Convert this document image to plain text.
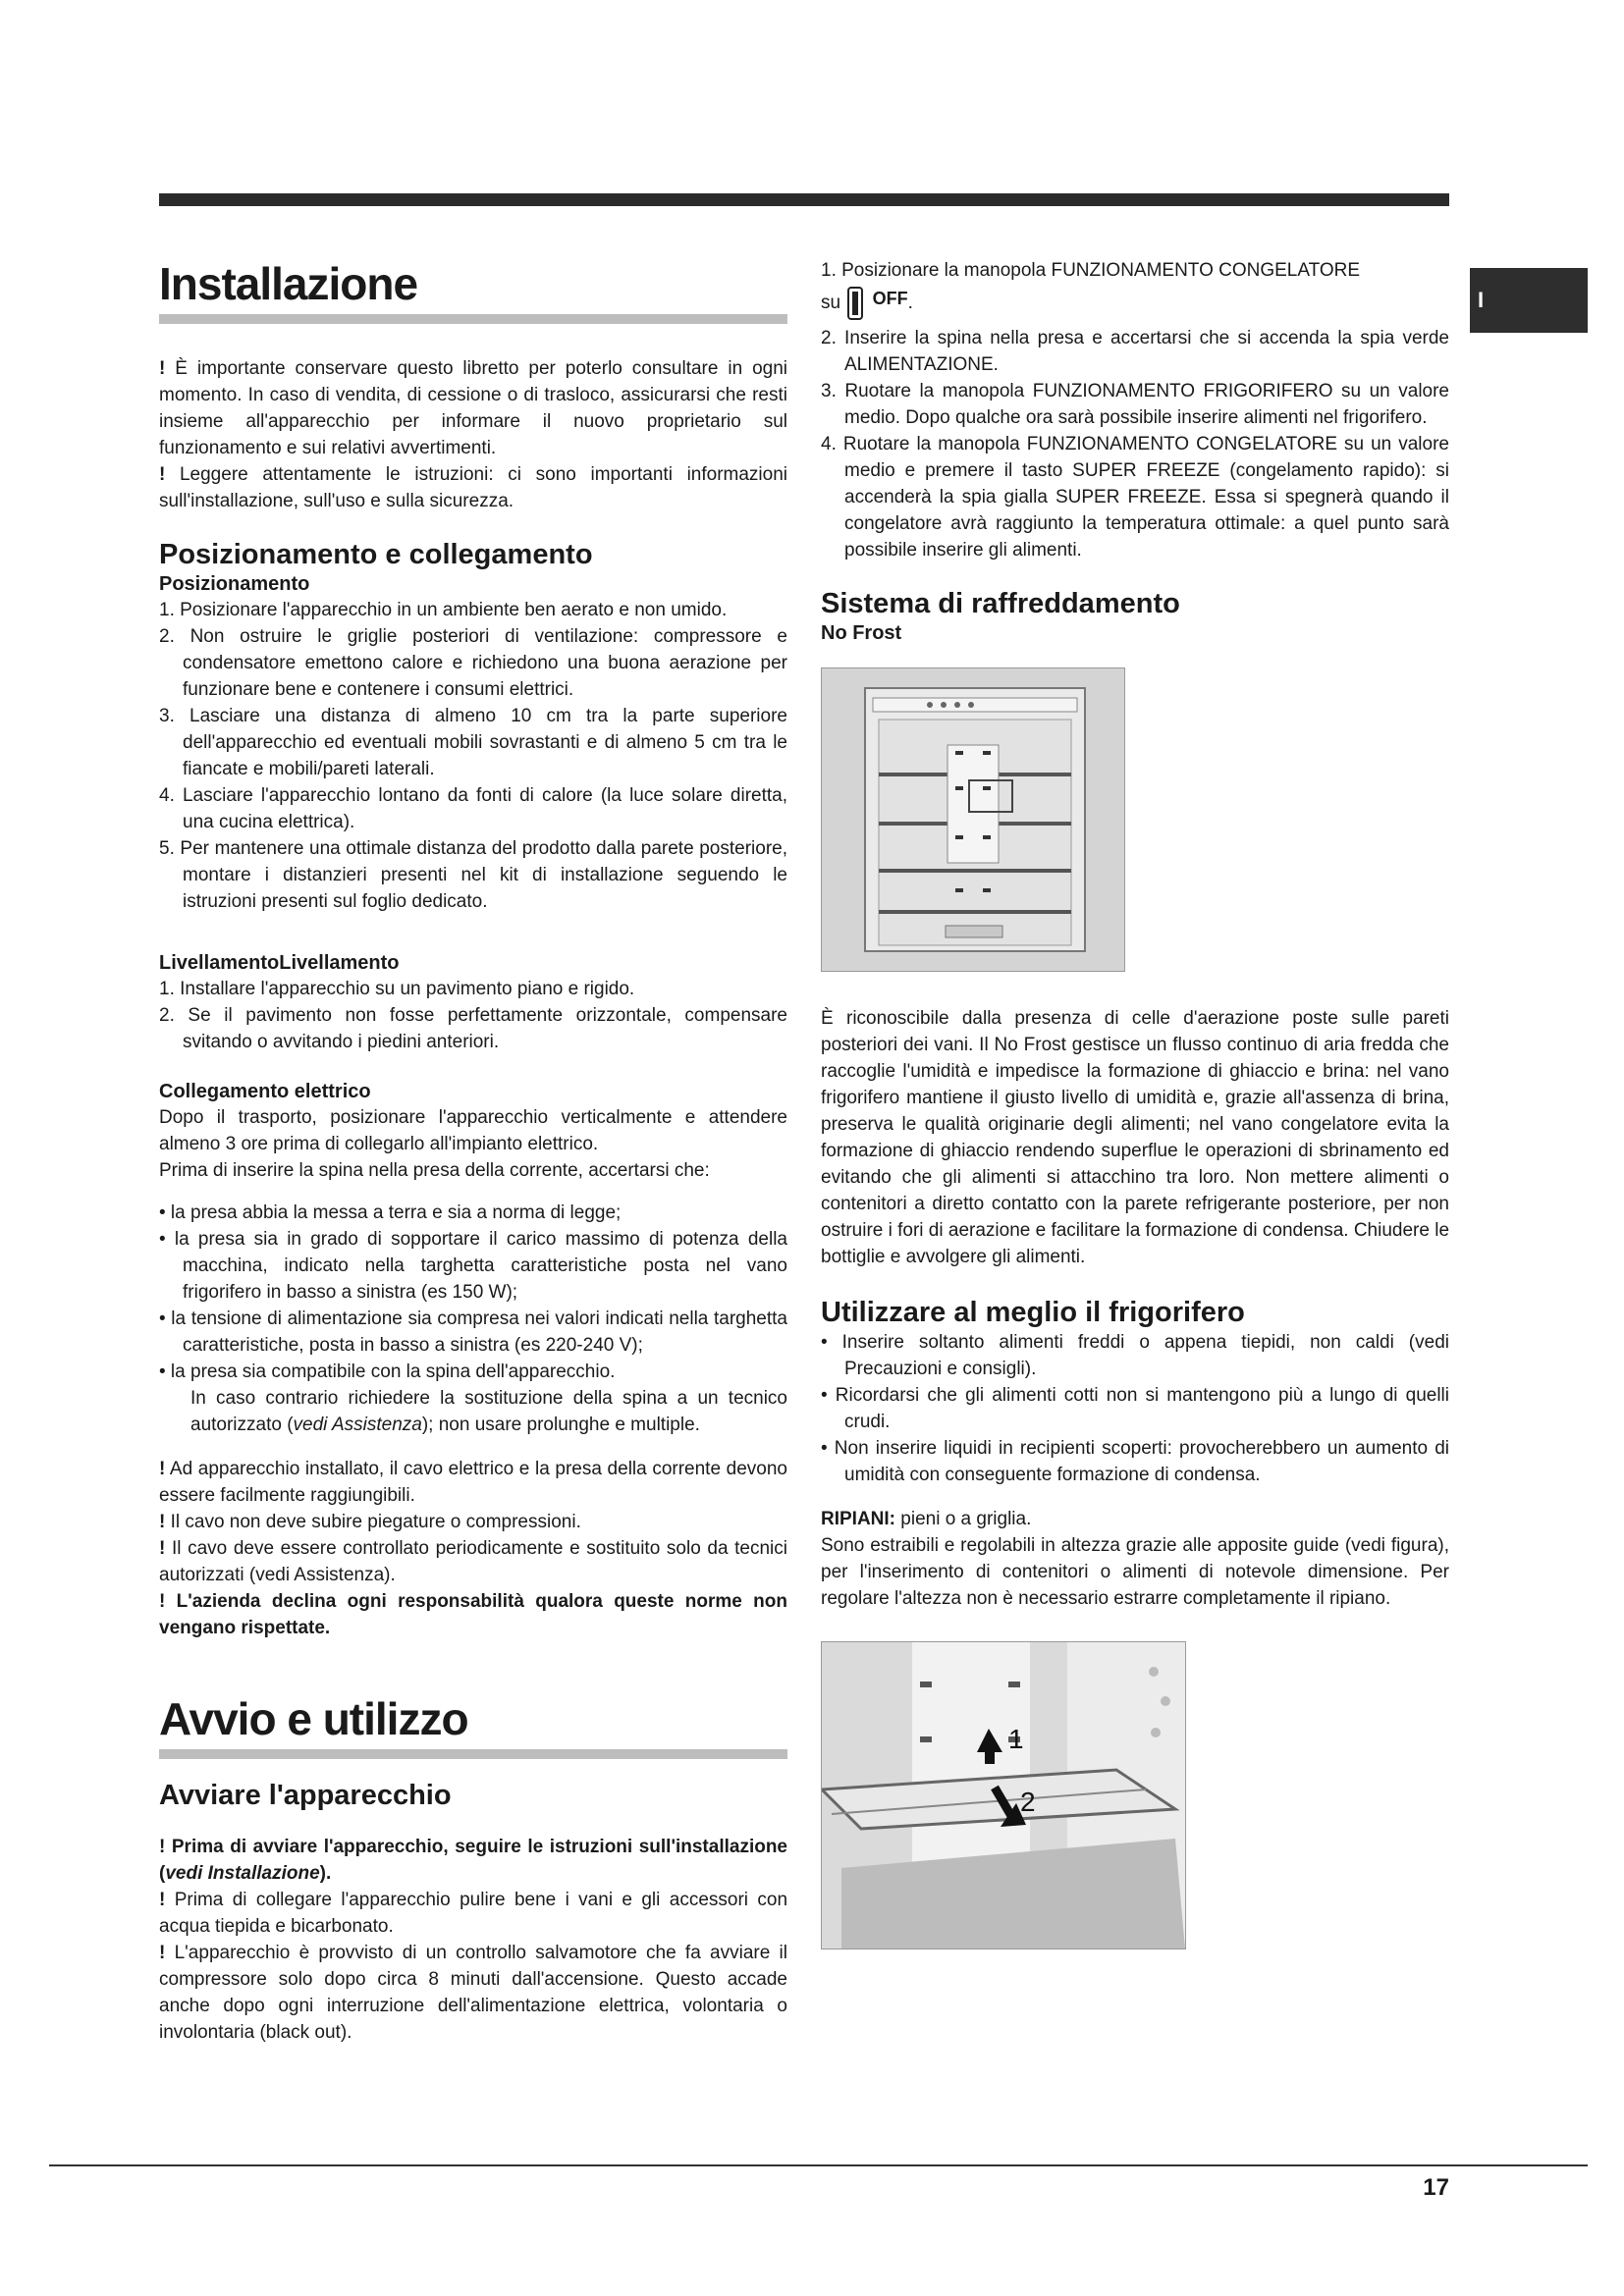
I
Installazione

! È importante conservare questo libretto per poterlo consultare in ogni momento. In caso di vendita, di cessione o di trasloco, assicurarsi che resti insieme all'apparecchio per informare il nuovo proprietario sul funzionamento e sui relativi avvertimenti.

! Leggere attentamente le istruzioni: ci sono importanti informazioni sull'installazione, sull'uso e sulla sicurezza.

Posizionamento e collegamento
Posizionamento
1. Posizionare l'apparecchio in un ambiente ben aerato e non umido.
2. Non ostruire le griglie posteriori di ventilazione: compressore e condensatore emettono calore e richiedono una buona aerazione per funzionare bene e contenere i consumi elettrici.
3. Lasciare una distanza di almeno 10 cm tra la parte superiore dell'apparecchio ed eventuali mobili sovrastanti e di almeno 5 cm tra le fiancate e mobili/pareti laterali.
4. Lasciare l'apparecchio lontano da fonti di calore (la luce solare diretta, una cucina elettrica).
5. Per mantenere una ottimale distanza del prodotto dalla parete posteriore, montare i distanzieri presenti nel kit di installazione seguendo le istruzioni presenti sul foglio dedicato.
LivellamentoLivellamento
1. Installare l'apparecchio su un pavimento piano e rigido.
2. Se il pavimento non fosse perfettamente orizzontale, compensare svitando o avvitando i piedini anteriori.
Collegamento elettrico

Dopo il trasporto, posizionare l'apparecchio verticalmente e attendere almeno 3 ore prima di collegarlo all'impianto elettrico.

Prima di inserire la spina nella presa della corrente, accertarsi che:

• la presa abbia la messa a terra e sia a norma di legge;
• la presa sia in grado di sopportare il carico massimo di potenza della macchina, indicato nella targhetta caratteristiche posta nel vano frigorifero in basso a sinistra (es 150 W);
• la tensione di alimentazione sia compresa nei valori indicati nella targhetta caratteristiche, posta in basso a sinistra (es 220-240 V);
• la presa sia compatibile con la spina dell'apparecchio.

In caso contrario richiedere la sostituzione della spina a un tecnico autorizzato (vedi Assistenza); non usare prolunghe e multiple.

! Ad apparecchio installato, il cavo elettrico e la presa della corrente devono essere facilmente raggiungibili.

! Il cavo non deve subire piegature o compressioni.

! Il cavo deve essere controllato periodicamente e sostituito solo da tecnici autorizzati (vedi Assistenza).

! L'azienda declina ogni responsabilità qualora queste norme non vengano rispettate.

Avvio e utilizzo
Avviare l'apparecchio

! Prima di avviare l'apparecchio, seguire le istruzioni sull'installazione (vedi Installazione).

! Prima di collegare l'apparecchio pulire bene i vani e gli accessori con acqua tiepida e bicarbonato.

! L'apparecchio è provvisto di un controllo salvamotore che fa avviare il compressore solo dopo circa 8 minuti dall'accensione. Questo accade anche dopo ogni interruzione dell'alimentazione elettrica, volontaria o involontaria (black out).

1. Posizionare la manopola FUNZIONAMENTO CONGELATORE
su OFF.
2. Inserire la spina nella presa e accertarsi che si accenda la spia verde ALIMENTAZIONE.
3. Ruotare la manopola FUNZIONAMENTO FRIGORIFERO su un valore medio. Dopo qualche ora sarà possibile inserire alimenti nel frigorifero.
4. Ruotare la manopola FUNZIONAMENTO CONGELATORE su un valore medio e premere il tasto SUPER FREEZE (congelamento rapido): si accenderà la spia gialla SUPER FREEZE. Essa si spegnerà quando il congelatore avrà raggiunto la temperatura ottimale: a quel punto sarà possibile inserire gli alimenti.
Sistema di raffreddamento
No Frost

È riconoscibile dalla presenza di celle d'aerazione poste sulle pareti posteriori dei vani. Il No Frost gestisce un flusso continuo di aria fredda che raccoglie l'umidità e impedisce la formazione di ghiaccio e brina: nel vano frigorifero mantiene il giusto livello di umidità e, grazie all'assenza di brina, preserva le qualità originarie degli alimenti; nel vano congelatore evita la formazione di ghiaccio rendendo superflue le operazioni di sbrinamento ed evitando che gli alimenti si attacchino tra loro. Non mettere alimenti o contenitori a diretto contatto con la parete refrigerante posteriore, per non ostruire i fori di aerazione e facilitare la formazione di condensa. Chiudere le bottiglie e avvolgere gli alimenti.

Utilizzare al meglio il frigorifero
• Inserire soltanto alimenti freddi o appena tiepidi, non caldi (vedi Precauzioni e consigli).
• Ricordarsi che gli alimenti cotti non si mantengono più a lungo di quelli crudi.
• Non inserire liquidi in recipienti scoperti: provocherebbero un aumento di umidità con conseguente formazione di condensa.

RIPIANI: pieni o a griglia.

Sono estraibili e regolabili in altezza grazie alle apposite guide (vedi figura), per l'inserimento di contenitori o alimenti di notevole dimensione. Per regolare l'altezza non è necessario estrarre completamente il ripiano.

1
2
17
